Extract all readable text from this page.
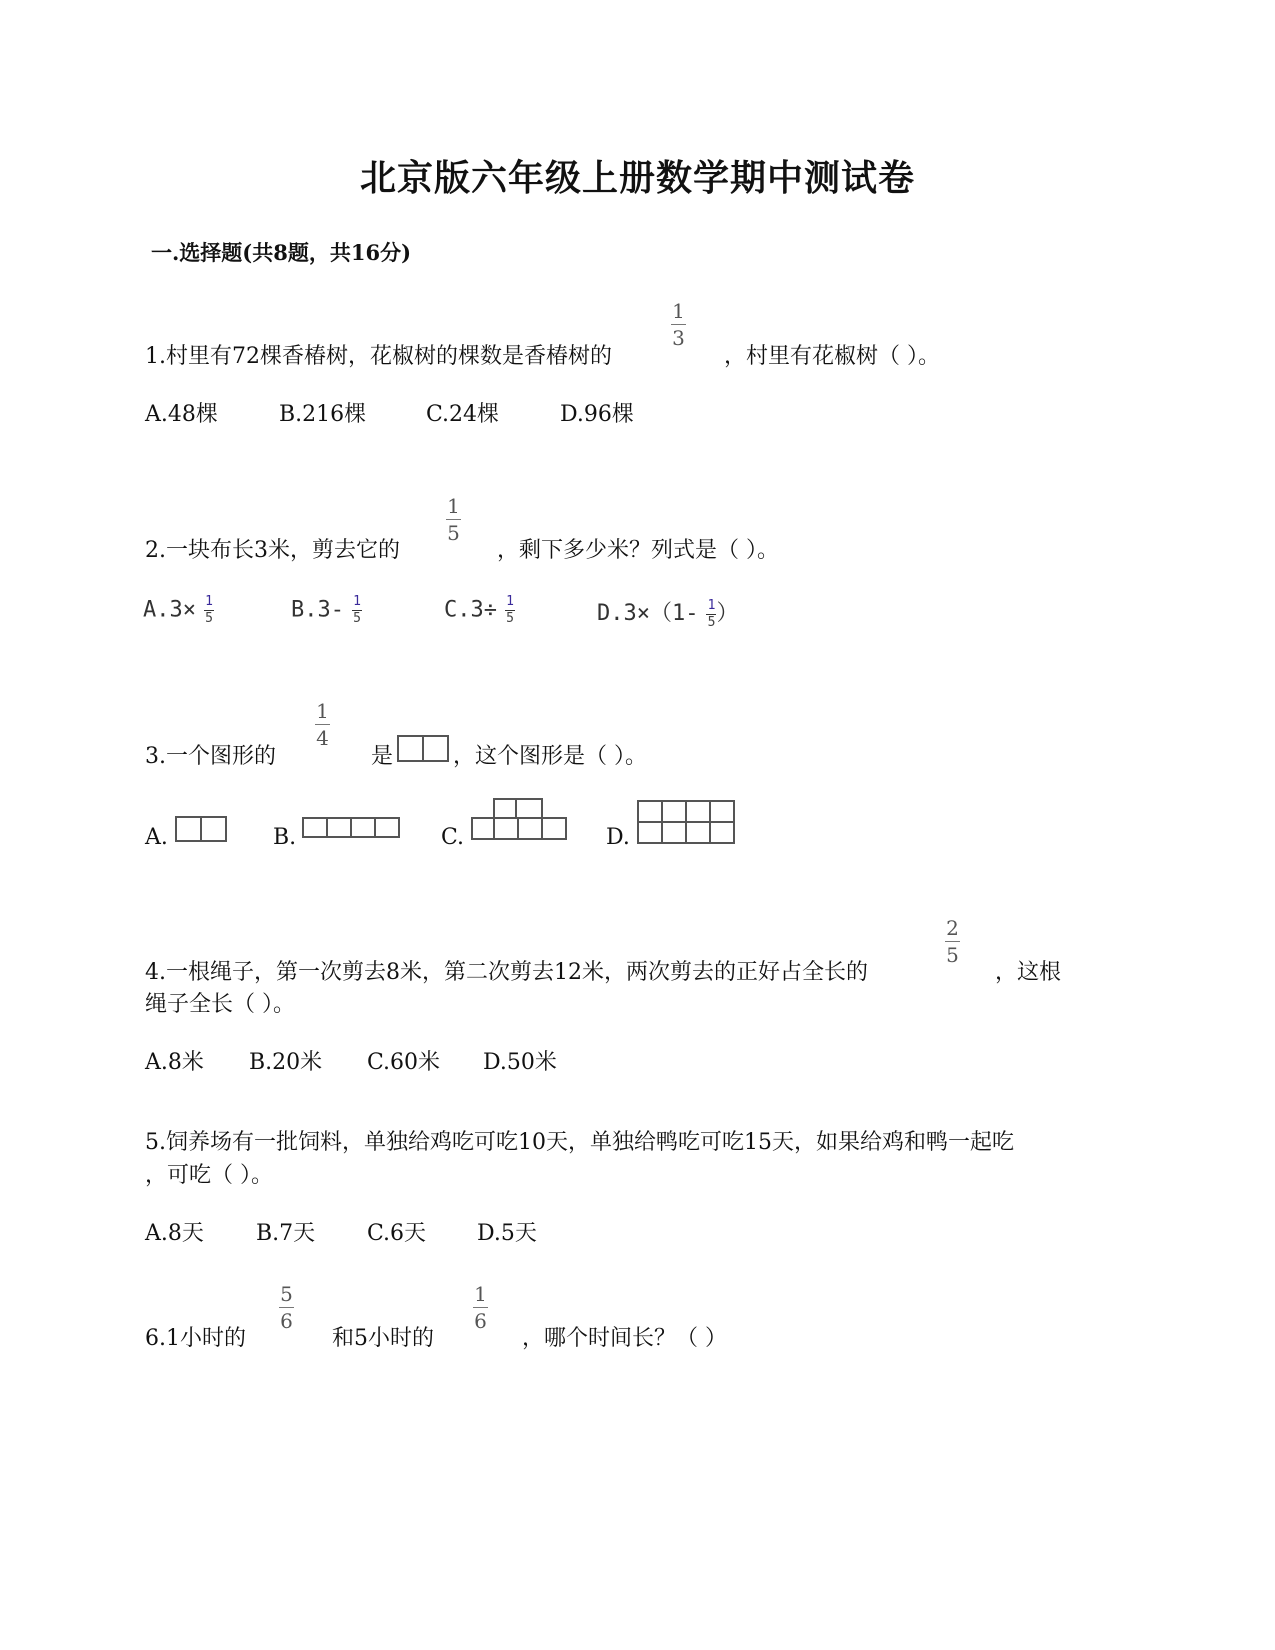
北京版六年级上册数学期中测试卷
一.选择题(共8题，共16分)
1.村里有72棵香椿树，花椒树的棵数是香椿树的
1
3
，村里有花椒树（ ）。
A.48棵	B.216棵	C.24棵	D.96棵
2.一块布长3米，剪去它的
1
5
，剩下多少米？列式是（ ）。
$A.3\times \frac{1}{5}$	$B.3- \frac{1}{5}$	$C.3\div \frac{1}{5}$	$D.3\times(1- \frac{1}{5}$ ）
3.一个图形的
1
4
是	，这个图形是（ ）。
A.	B.	C.	D.
4.一根绳子，第一次剪去8米，第二次剪去12米，两次剪去的正好占全长的
2
5
，这根
绳子全长（ ）。
A.8米 B.20米 C.60米 D.50米
5.饲养场有一批饲料，单独给鸡吃可吃10天，单独给鸭吃可吃15天，如果给鸡和鸭一起吃
，可吃（ ）。
A.8天 B.7天 C.6天 D.5天
6.1小时的
5
6
和5小时的
1
6
，哪个时间长？（ ）
